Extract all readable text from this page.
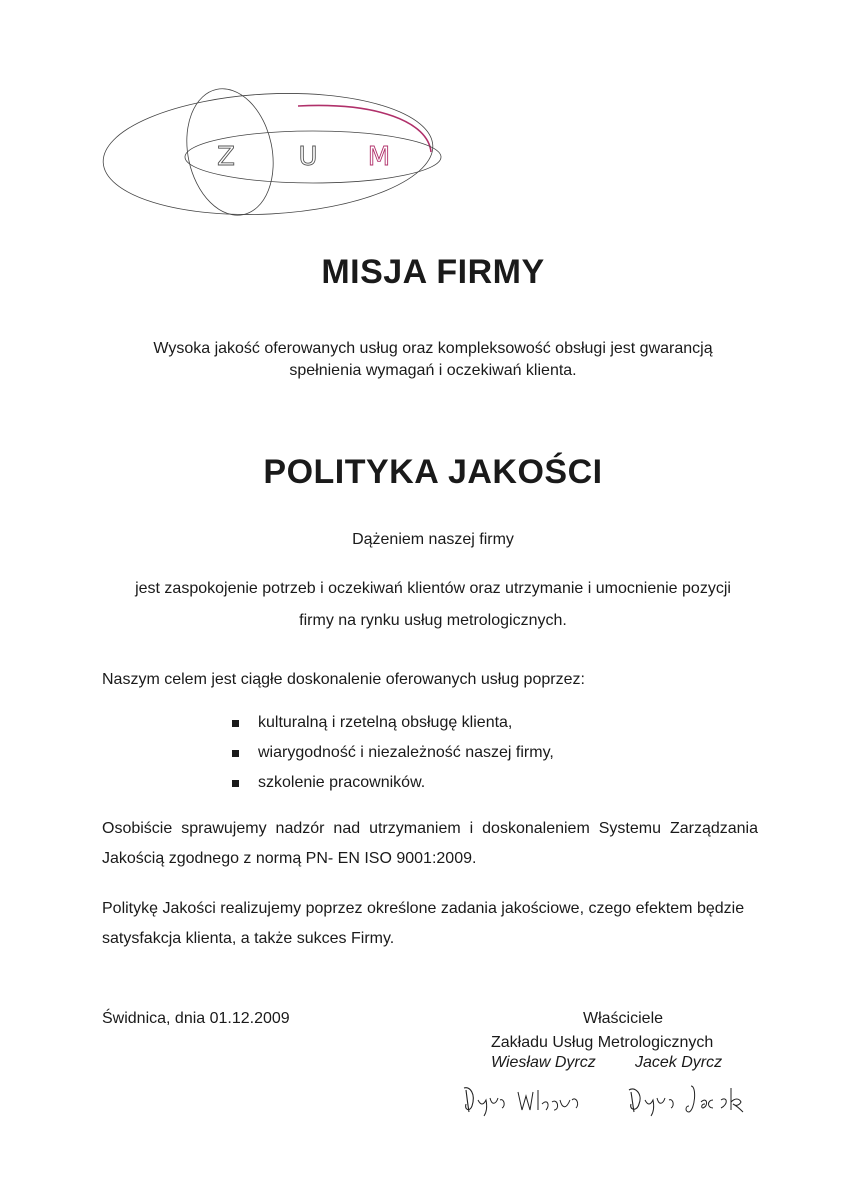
Z U M
MISJA FIRMY
Wysoka jakość oferowanych usług oraz kompleksowość obsługi jest gwarancją
spełnienia wymagań i oczekiwań klienta.
POLITYKA JAKOŚCI
Dążeniem naszej firmy
jest zaspokojenie potrzeb i oczekiwań klientów oraz utrzymanie i umocnienie pozycji
firmy na rynku usług metrologicznych.
Naszym celem jest ciągłe doskonalenie oferowanych usług poprzez:
kulturalną i rzetelną obsługę klienta,
wiarygodność i niezależność naszej firmy,
szkolenie pracowników.
Osobiście sprawujemy nadzór nad utrzymaniem i doskonaleniem Systemu Zarządzania Jakością zgodnego z normą PN- EN ISO 9001:2009.
Politykę Jakości realizujemy poprzez określone zadania jakościowe, czego efektem będzie satysfakcja klienta, a także sukces Firmy.
Świdnica, dnia 01.12.2009	Właściciele
Zakładu Usług Metrologicznych
Wiesław Dyrcz Jacek Dyrcz
